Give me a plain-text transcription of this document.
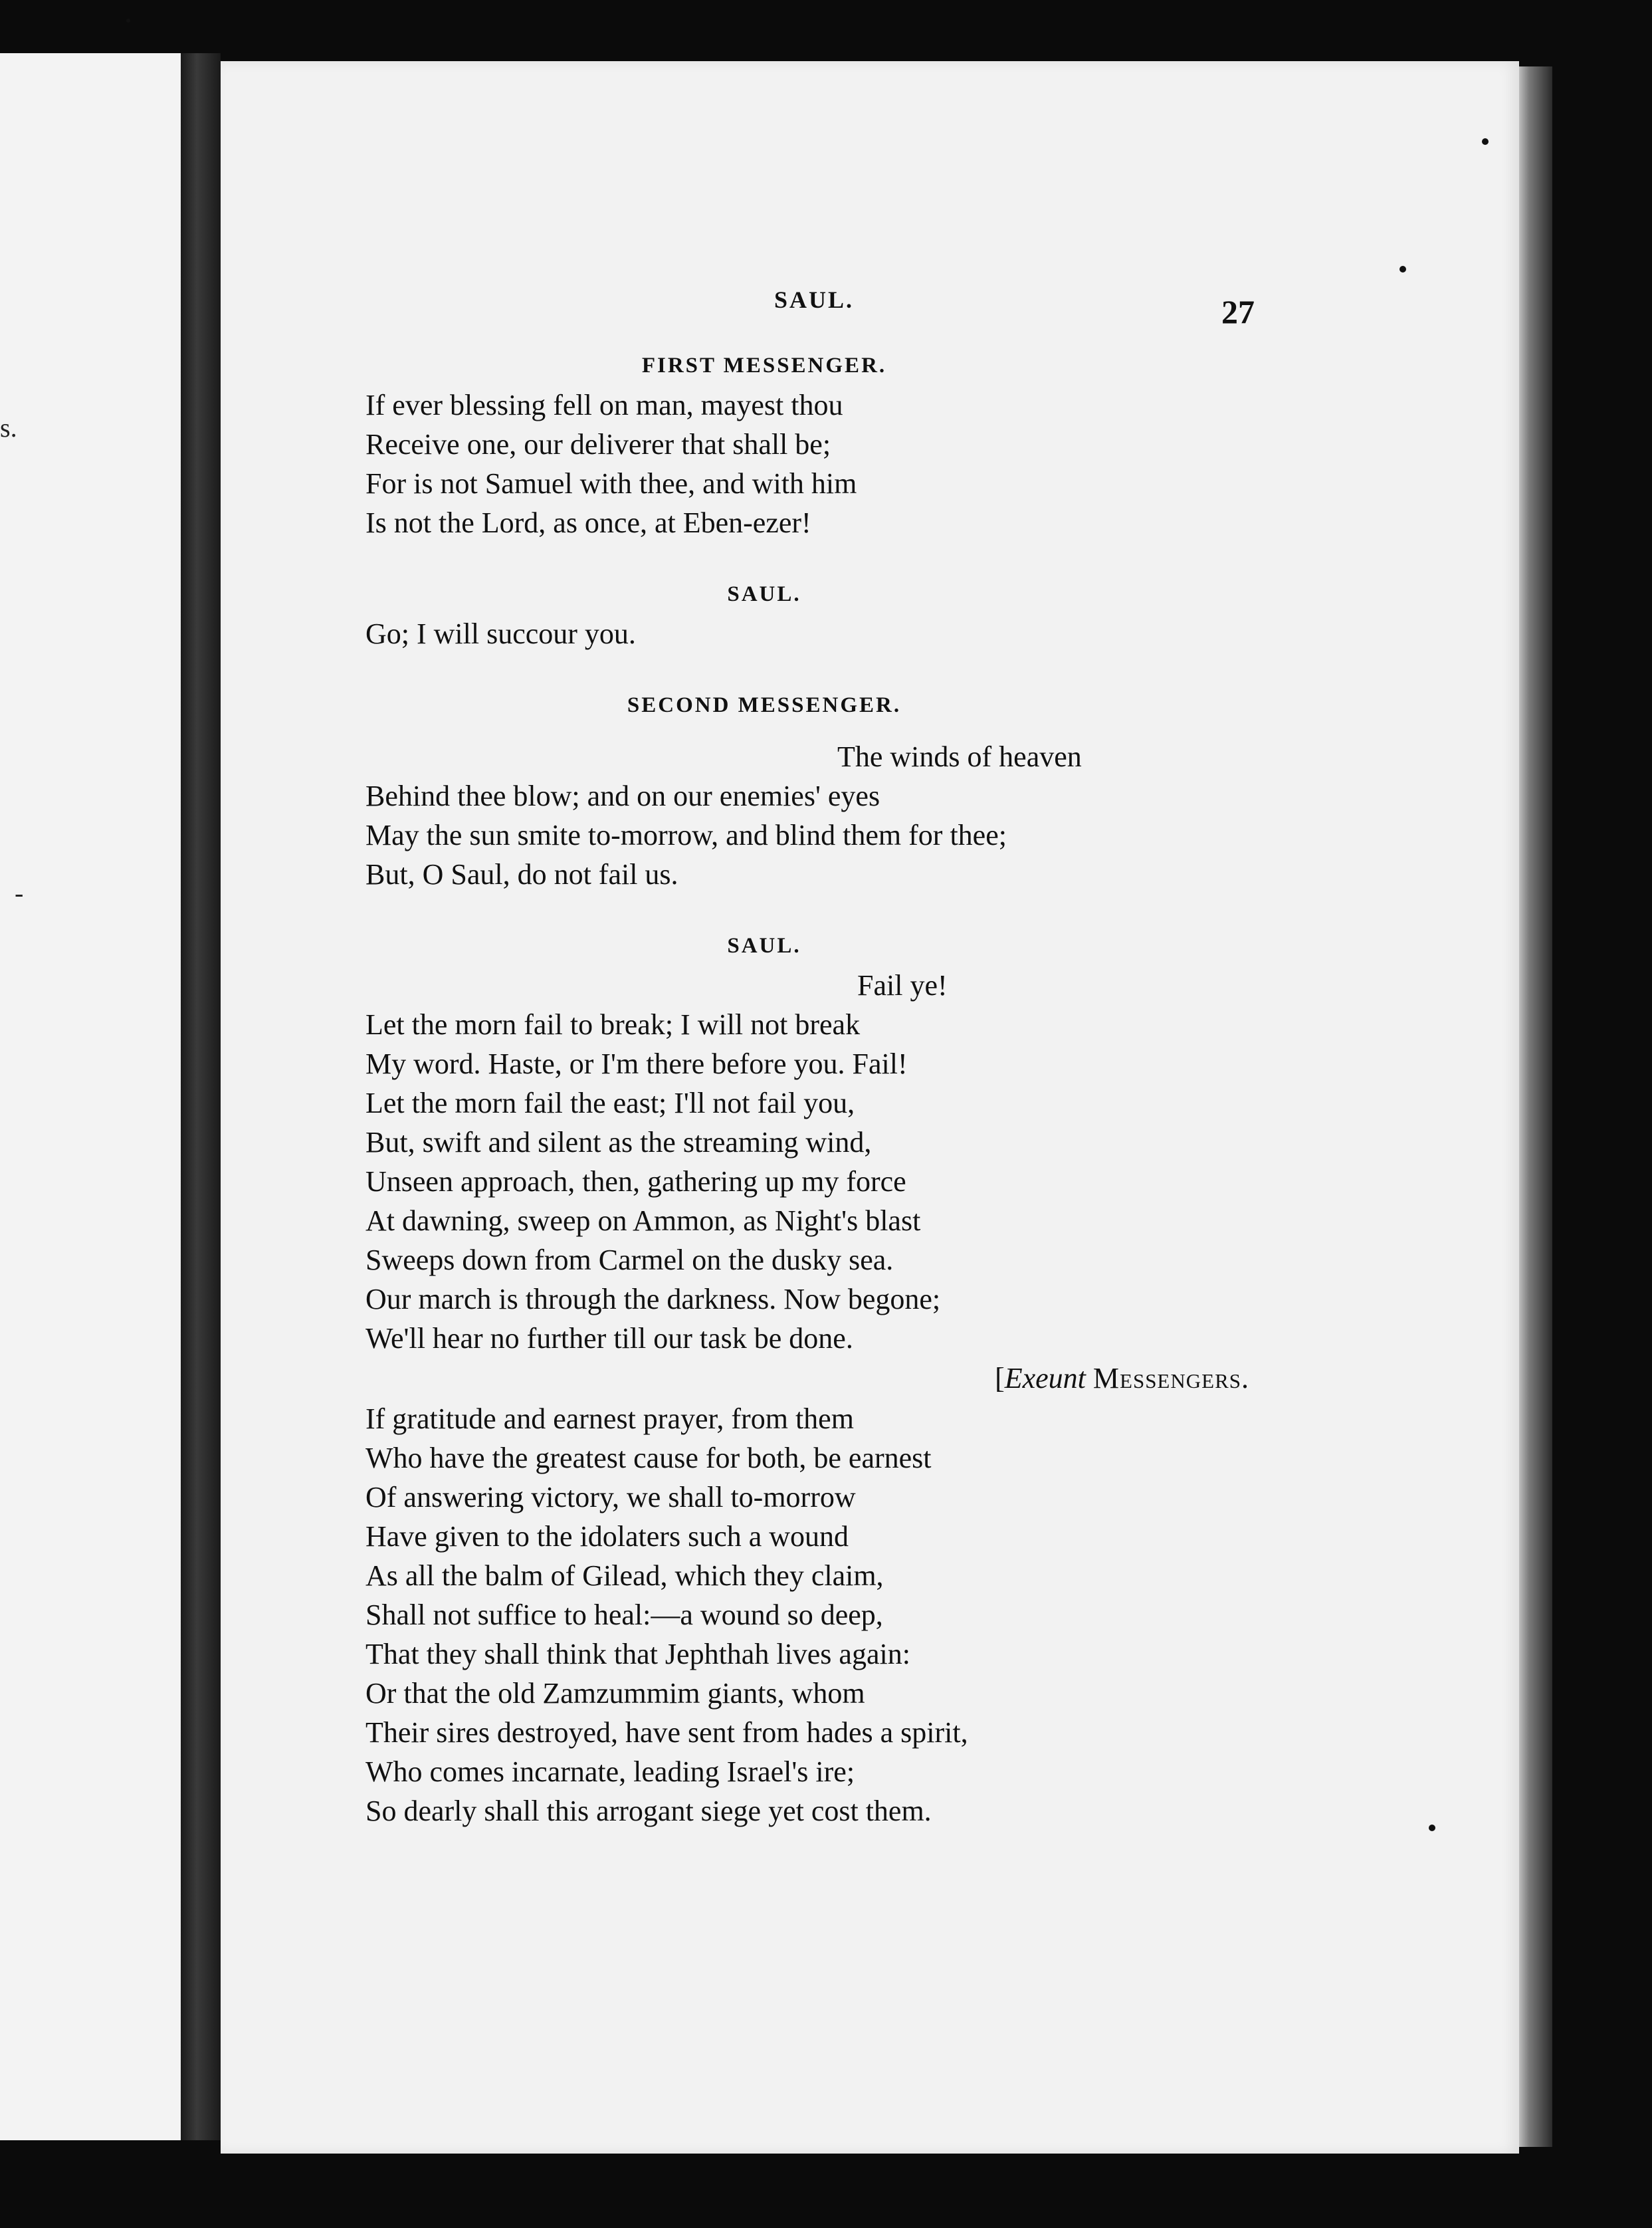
s.
-
SAUL.	27
FIRST MESSENGER.
If ever blessing fell on man, mayest thou
Receive one, our deliverer that shall be;
For is not Samuel with thee, and with him
Is not the Lord, as once, at Eben-ezer!
SAUL.
Go; I will succour you.
SECOND MESSENGER.
The winds of heaven
Behind thee blow; and on our enemies' eyes
May the sun smite to-morrow, and blind them for thee;
But, O Saul, do not fail us.
SAUL.
Fail ye!
Let the morn fail to break; I will not break
My word. Haste, or I'm there before you. Fail!
Let the morn fail the east; I'll not fail you,
But, swift and silent as the streaming wind,
Unseen approach, then, gathering up my force
At dawning, sweep on Ammon, as Night's blast
Sweeps down from Carmel on the dusky sea.
Our march is through the darkness. Now begone;
We'll hear no further till our task be done.
[Exeunt Messengers.
If gratitude and earnest prayer, from them
Who have the greatest cause for both, be earnest
Of answering victory, we shall to-morrow
Have given to the idolaters such a wound
As all the balm of Gilead, which they claim,
Shall not suffice to heal:—a wound so deep,
That they shall think that Jephthah lives again:
Or that the old Zamzummim giants, whom
Their sires destroyed, have sent from hades a spirit,
Who comes incarnate, leading Israel's ire;
So dearly shall this arrogant siege yet cost them.
